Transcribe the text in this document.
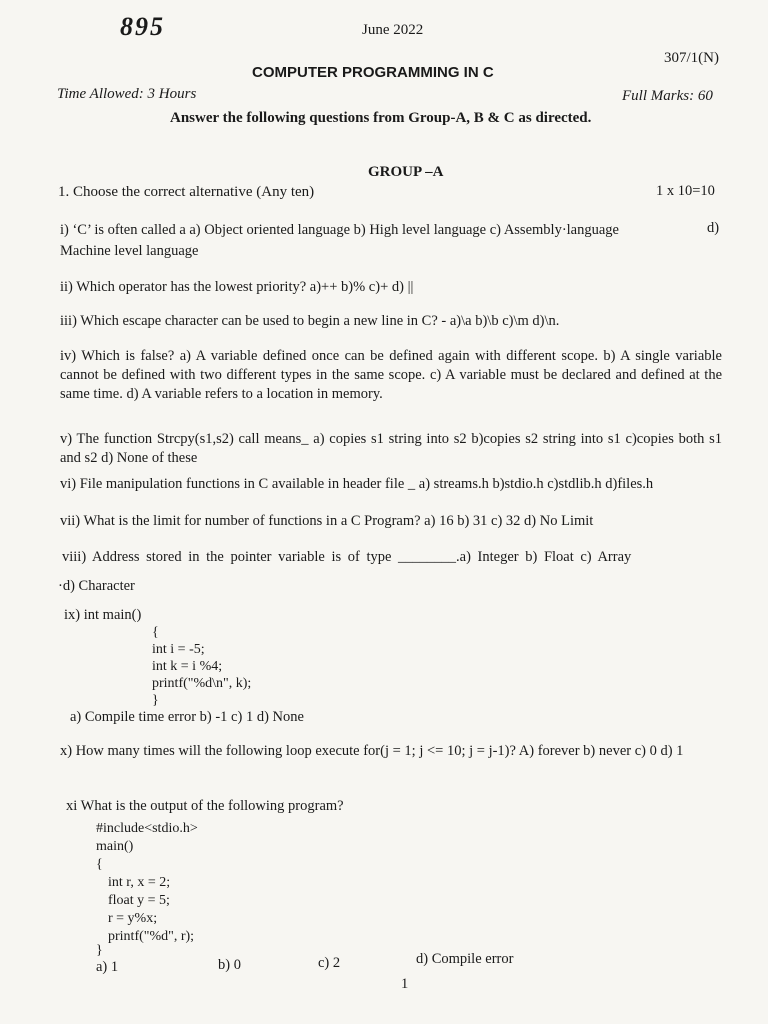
895	June 2022
307/1(N)
COMPUTER PROGRAMMING IN C
Time Allowed: 3 Hours	Full Marks: 60
Answer the following questions from Group-A, B & C as directed.
GROUP –A
1. Choose the correct alternative (Any ten)	1 x 10=10
i) ‘C’ is often called a a) Object oriented language b) High level language c) Assembly·language	d)
Machine level language
ii) Which operator has the lowest priority? a)++ b)% c)+ d) ||
iii) Which escape character can be used to begin a new line in C? - a)\a b)\b c)\m d)\n.
iv) Which is false? a) A variable defined once can be defined again with different scope. b) A single variable cannot be defined with two different types in the same scope. c) A variable must be declared and defined at the same time. d) A variable refers to a location in memory.
v) The function Strcpy(s1,s2) call means_ a) copies s1 string into s2 b)copies s2 string into s1 c)copies both s1 and s2 d) None of these
vi) File manipulation functions in C available in header file _ a) streams.h b)stdio.h c)stdlib.h d)files.h
vii) What is the limit for number of functions in a C Program? a) 16 b) 31 c) 32 d) No Limit
viii) Address stored in the pointer variable is of type ________.a) Integer b) Float c) Array
·d) Character
ix) int main()
{
int i = -5;
int k = i %4;
printf("%d\n", k);
}
a) Compile time error b) -1 c) 1 d) None
x) How many times will the following loop execute for(j = 1; j <= 10; j = j-1)? A) forever b) never c) 0 d) 1
xi What is the output of the following program?
#include<stdio.h>
main()
{
int r, x = 2;
float y = 5;
r = y%x;
printf("%d", r);
}
a) 1	b) 0	c) 2	d) Compile error
1
